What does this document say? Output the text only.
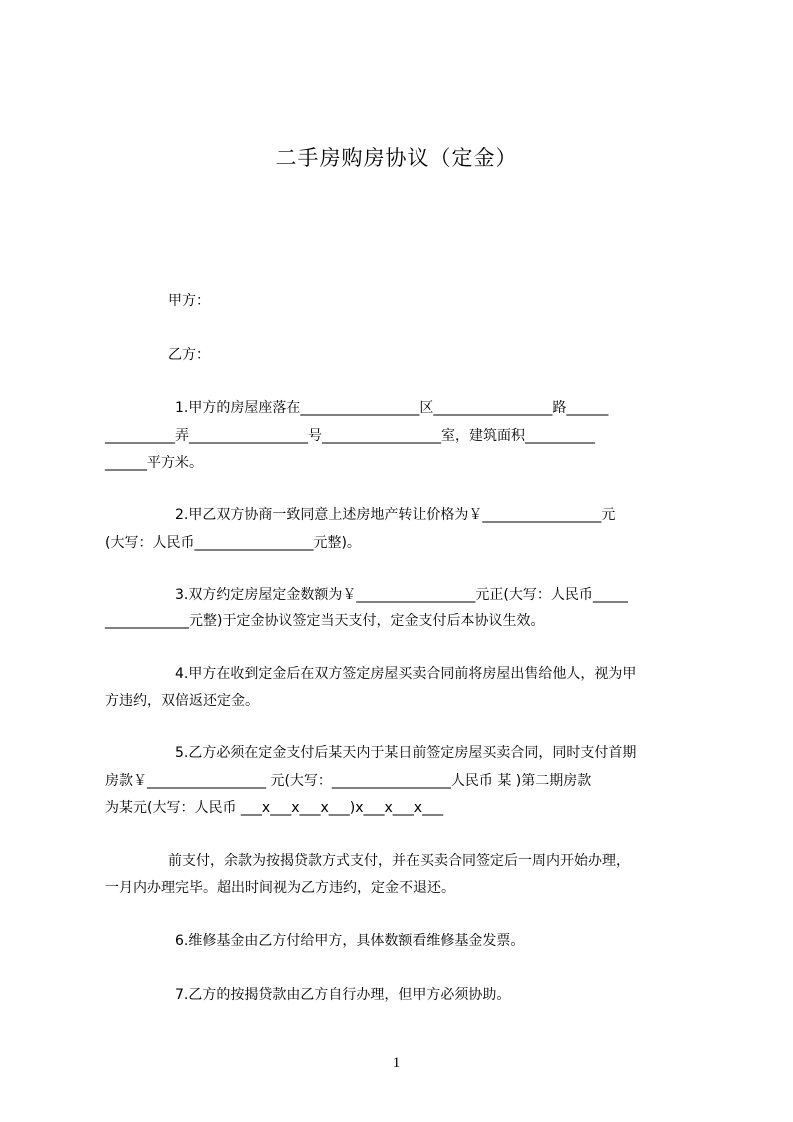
二手房购房协议（定金）
甲方：
乙方：
1.甲方的房屋座落在_________________区_________________路______
__________弄_________________号_________________室，建筑面积__________
______平方米。
2.甲乙双方协商一致同意上述房地产转让价格为￥_________________元
(大写：人民币_________________元整)。
3.双方约定房屋定金数额为￥_________________元正(大写：人民币_____
____________元整)于定金协议签定当天支付，定金支付后本协议生效。
4.甲方在收到定金后在双方签定房屋买卖合同前将房屋出售给他人，视为甲
方违约，双倍返还定金。
5.乙方必须在定金支付后某天内于某日前签定房屋买卖合同，同时支付首期
房款￥_________________ 元(大写：_________________人民币 某 )第二期房款
为某元(大写：人民币 ___x___x___x___)x___x___x___
前支付，余款为按揭贷款方式支付，并在买卖合同签定后一周内开始办理，
一月内办理完毕。超出时间视为乙方违约，定金不退还。
6.维修基金由乙方付给甲方，具体数额看维修基金发票。
7.乙方的按揭贷款由乙方自行办理，但甲方必须协助。
1
